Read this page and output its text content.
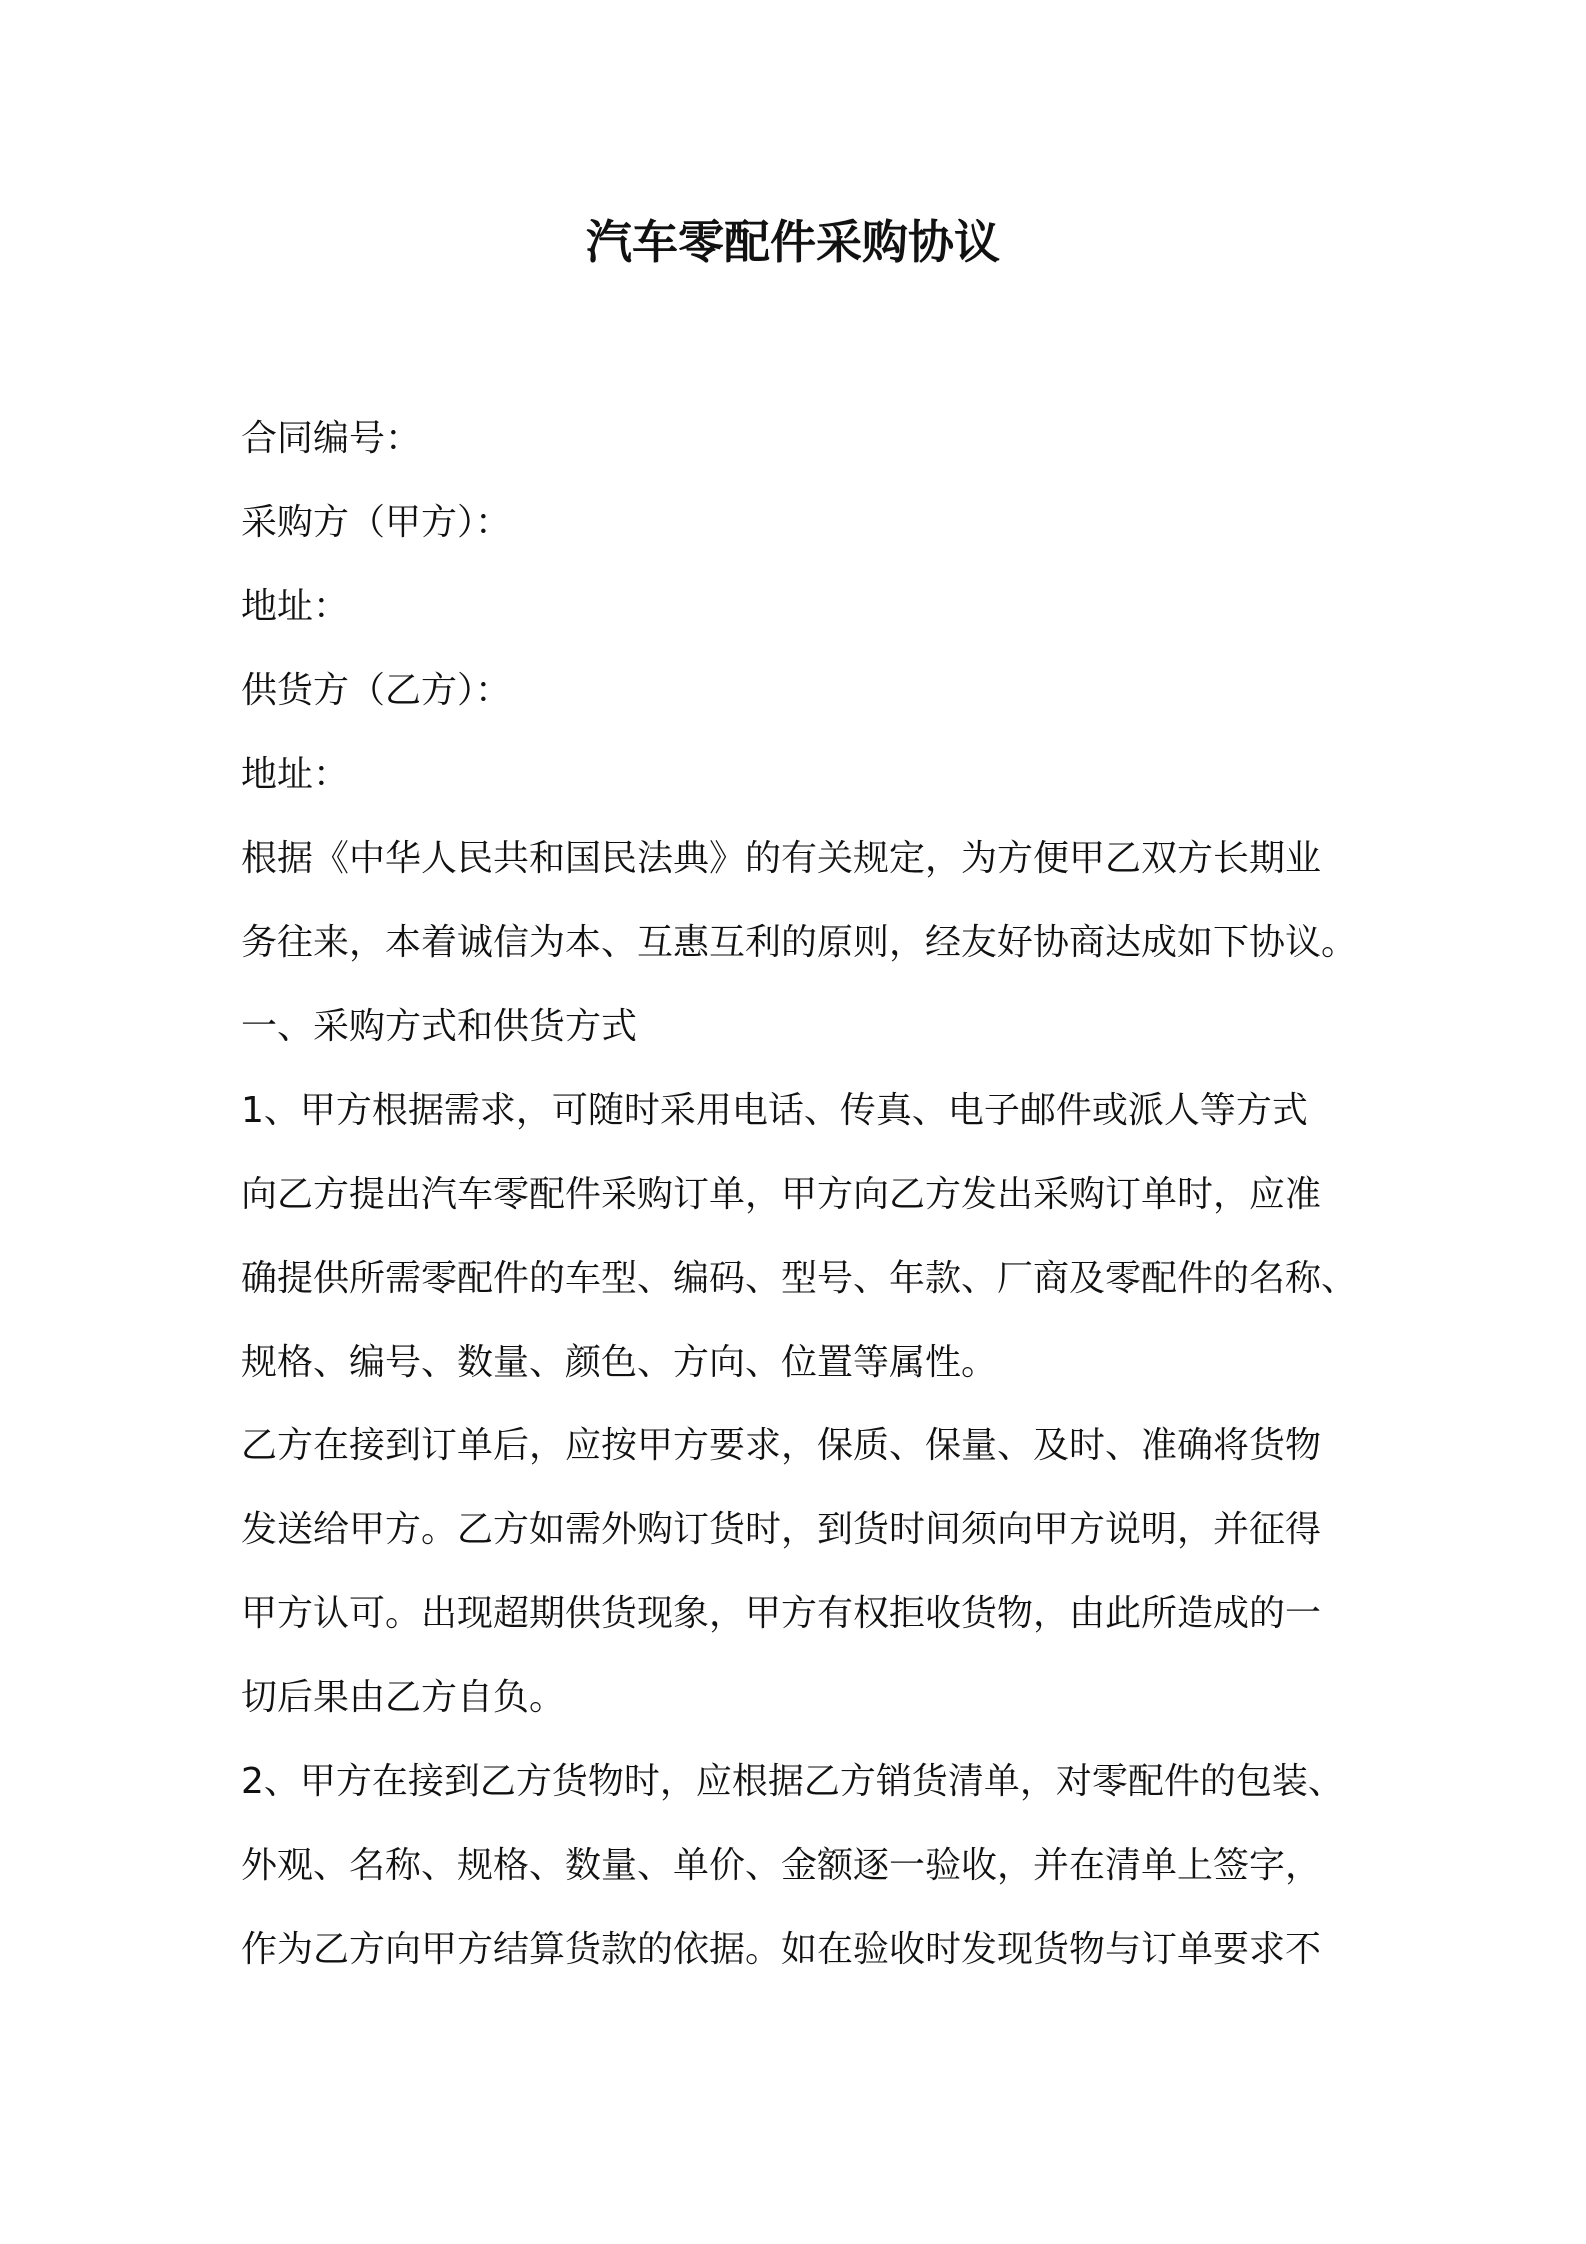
汽车零配件采购协议
合同编号：
采购方（甲方）：
地址：
供货方（乙方）：
地址：
根据《中华人民共和国民法典》的有关规定，为方便甲乙双方长期业
务往来，本着诚信为本、互惠互利的原则，经友好协商达成如下协议。
一、采购方式和供货方式
1、甲方根据需求，可随时采用电话、传真、电子邮件或派人等方式
向乙方提出汽车零配件采购订单，甲方向乙方发出采购订单时，应准
确提供所需零配件的车型、编码、型号、年款、厂商及零配件的名称、
规格、编号、数量、颜色、方向、位置等属性。
乙方在接到订单后，应按甲方要求，保质、保量、及时、准确将货物
发送给甲方。乙方如需外购订货时，到货时间须向甲方说明，并征得
甲方认可。出现超期供货现象，甲方有权拒收货物，由此所造成的一
切后果由乙方自负。
2、甲方在接到乙方货物时，应根据乙方销货清单，对零配件的包装、
外观、名称、规格、数量、单价、金额逐一验收，并在清单上签字，
作为乙方向甲方结算货款的依据。如在验收时发现货物与订单要求不
